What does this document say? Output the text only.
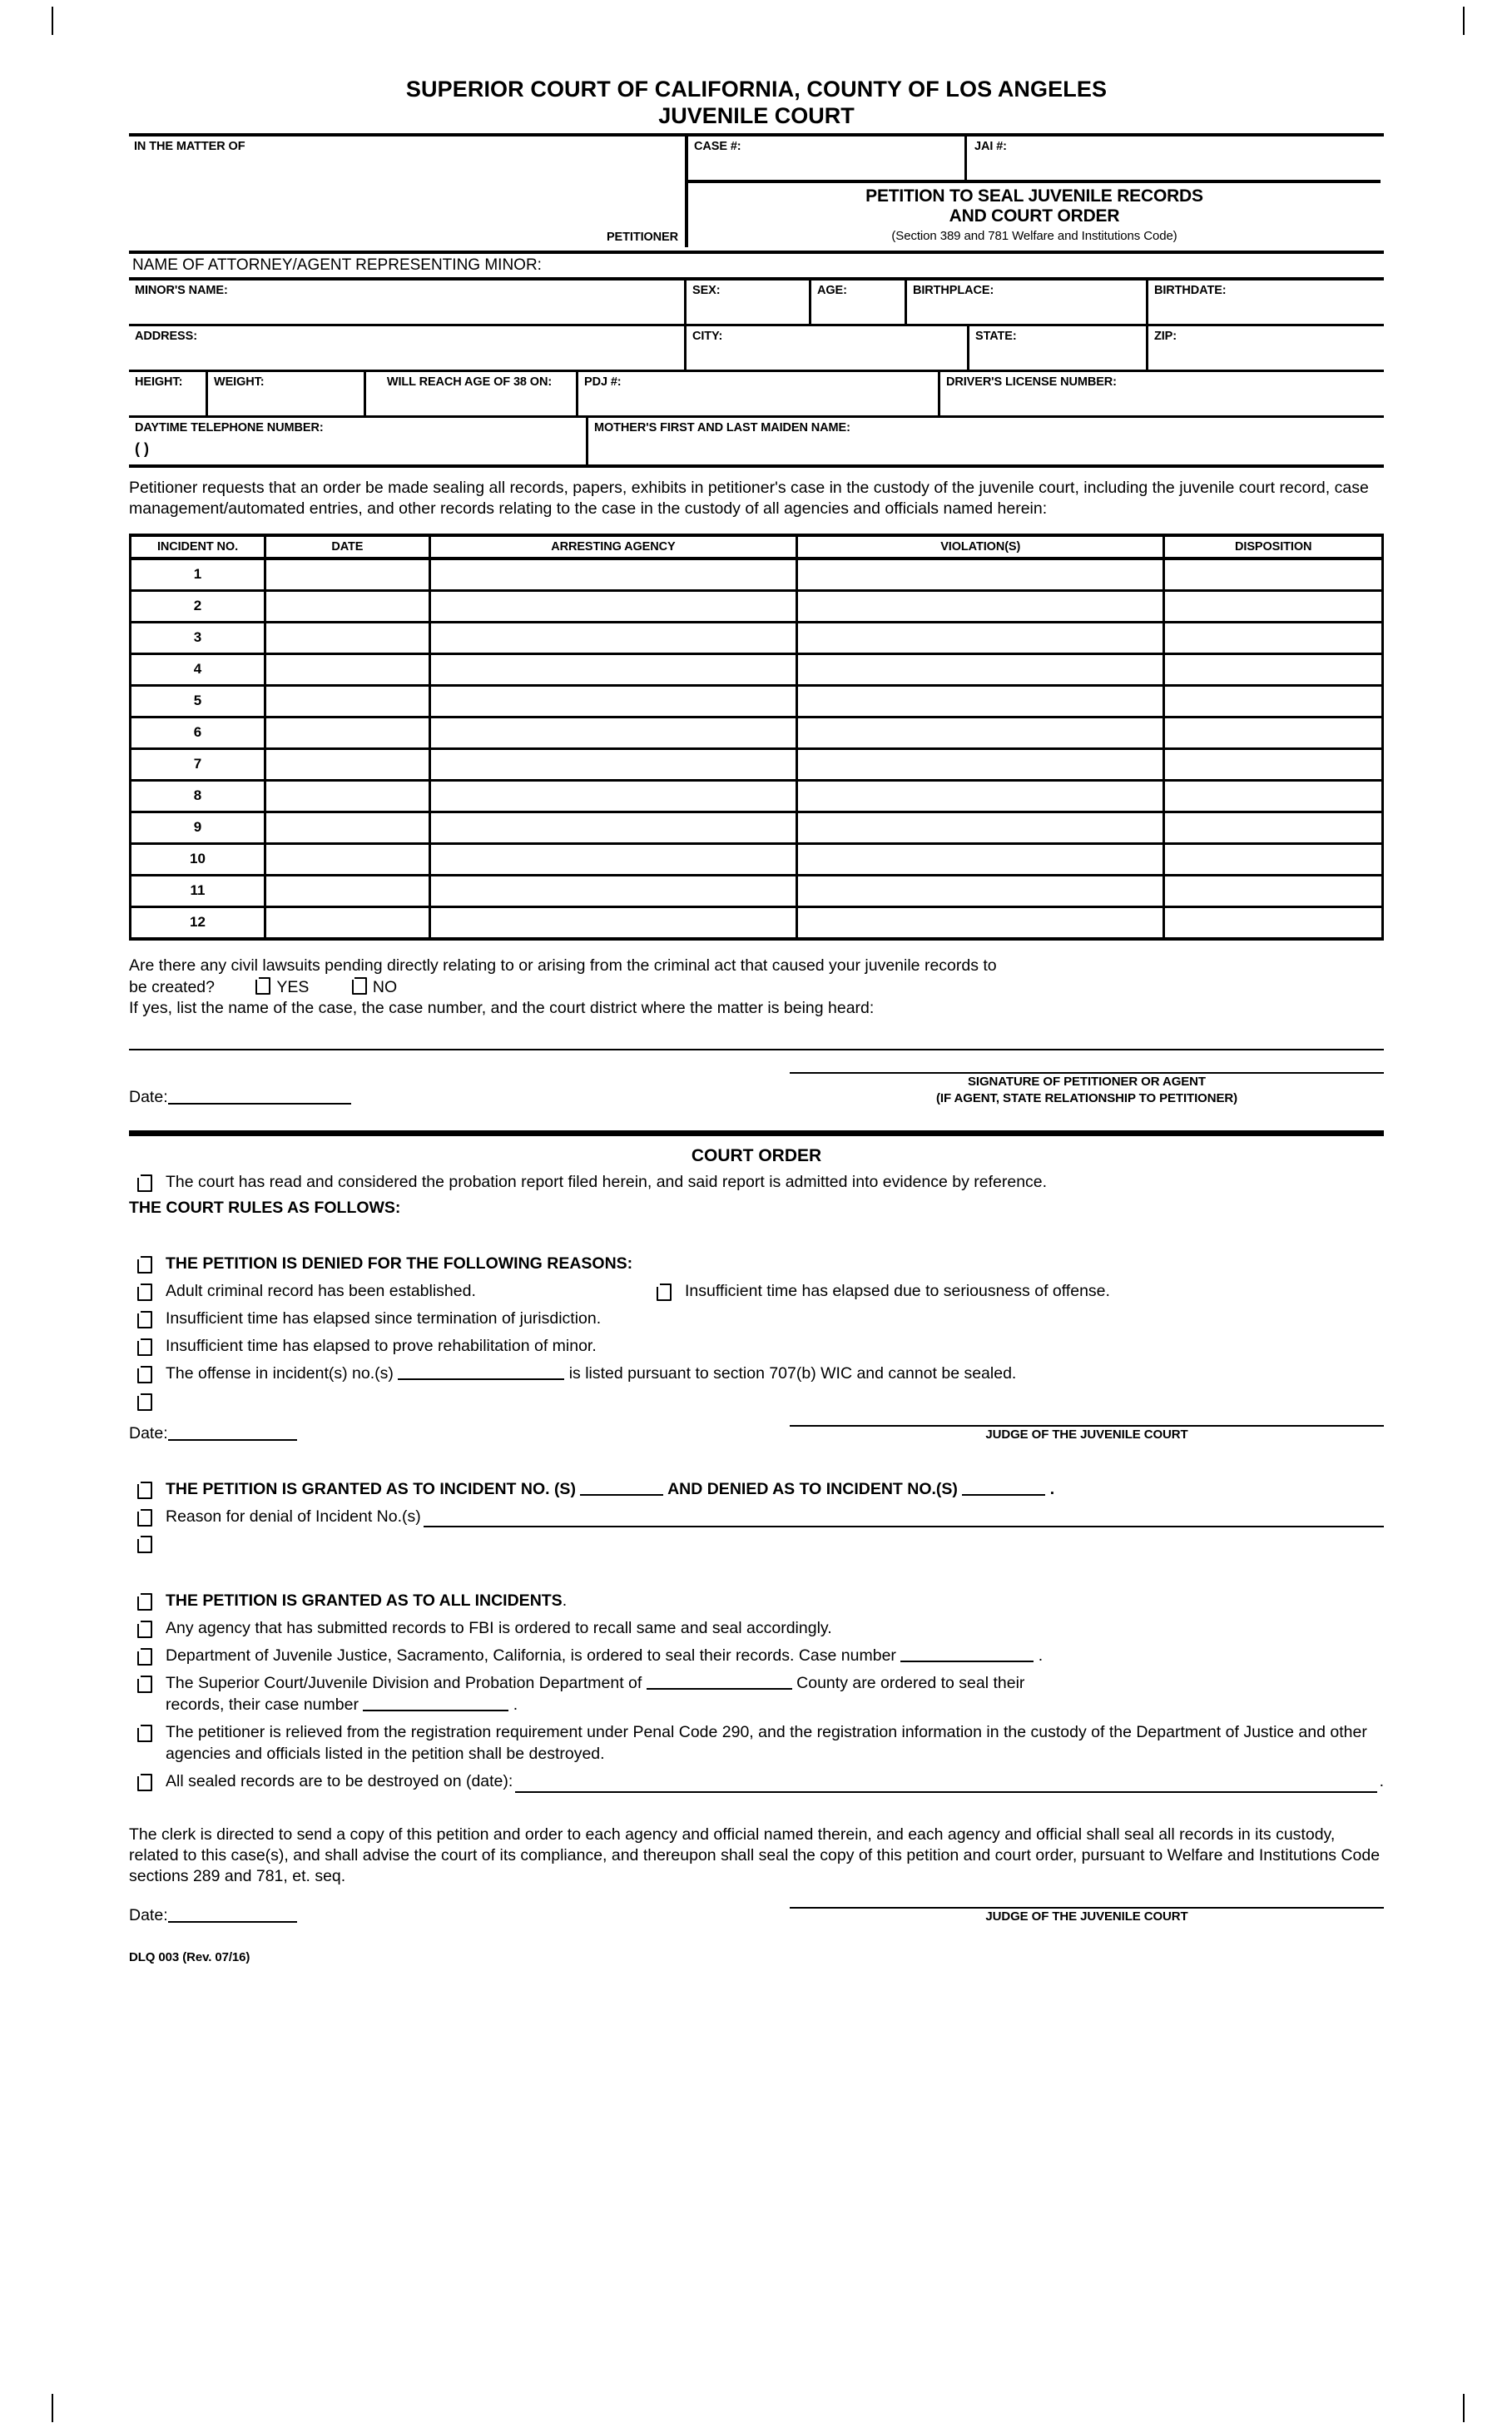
SUPERIOR COURT OF CALIFORNIA, COUNTY OF LOS ANGELES
JUVENILE COURT
IN THE MATTER OF
PETITIONER
CASE #:	JAI #:
PETITION TO SEAL JUVENILE RECORDS
AND COURT ORDER
(Section 389 and 781 Welfare and Institutions Code)
NAME OF ATTORNEY/AGENT REPRESENTING MINOR:
MINOR'S NAME:	SEX:	AGE:	BIRTHPLACE:	BIRTHDATE:
ADDRESS:	CITY:	STATE:	ZIP:
HEIGHT:	WEIGHT:	WILL REACH AGE OF 38 ON:	PDJ #:	DRIVER'S LICENSE NUMBER:
DAYTIME TELEPHONE NUMBER:
( )
MOTHER'S FIRST AND LAST MAIDEN NAME:
Petitioner requests that an order be made sealing all records, papers, exhibits in petitioner's case in the custody of the juvenile court, including the juvenile court record, case management/automated entries, and other records relating to the case in the custody of all agencies and officials named herein:
INCIDENT NO.	DATE	ARRESTING AGENCY	VIOLATION(S)	DISPOSITION
1				
2				
3				
4				
5				
6				
7				
8				
9				
10				
11				
12				
Are there any civil lawsuits pending directly relating to or arising from the criminal act that caused your juvenile records to
be created?	YES	NO
If yes, list the name of the case, the case number, and the court district where the matter is being heard:
Date:
SIGNATURE OF PETITIONER OR AGENT
(IF AGENT, STATE RELATIONSHIP TO PETITIONER)
COURT ORDER
The court has read and considered the probation report filed herein, and said report is admitted into evidence by reference.
THE COURT RULES AS FOLLOWS:
THE PETITION IS DENIED FOR THE FOLLOWING REASONS:
Adult criminal record has been established.	Insufficient time has elapsed due to seriousness of offense.
Insufficient time has elapsed since termination of jurisdiction.
Insufficient time has elapsed to prove rehabilitation of minor.
The offense in incident(s) no.(s)	is listed pursuant to section 707(b) WIC and cannot be sealed.
Date:	JUDGE OF THE JUVENILE COURT
THE PETITION IS GRANTED AS TO INCIDENT NO. (S)	AND DENIED AS TO INCIDENT NO.(S)	.
Reason for denial of Incident No.(s)
THE PETITION IS GRANTED AS TO ALL INCIDENTS.
Any agency that has submitted records to FBI is ordered to recall same and seal accordingly.
Department of Juvenile Justice, Sacramento, California, is ordered to seal their records. Case number	.
The Superior Court/Juvenile Division and Probation Department of	County are ordered to seal their
records, their case number	.
The petitioner is relieved from the registration requirement under Penal Code 290, and the registration information in the custody of the Department of Justice and other agencies and officials listed in the petition shall be destroyed.
All sealed records are to be destroyed on (date):	.
The clerk is directed to send a copy of this petition and order to each agency and official named therein, and each agency and official shall seal all records in its custody, related to this case(s), and shall advise the court of its compliance, and thereupon shall seal the copy of this petition and court order, pursuant to Welfare and Institutions Code sections 289 and 781, et. seq.
Date:	JUDGE OF THE JUVENILE COURT
DLQ 003 (Rev. 07/16)
